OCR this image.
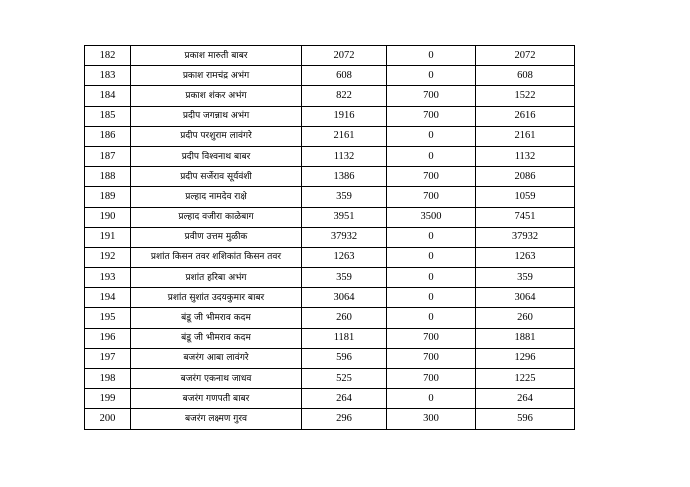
182	प्रकाश मारुती बाबर	2072	0	2072
183	प्रकाश रामचंद्र अभंग	608	0	608
184	प्रकाश शंकर अभंग	822	700	1522
185	प्रदीप जगन्नाथ अभंग	1916	700	2616
186	प्रदीप परशुराम लावंगरे	2161	0	2161
187	प्रदीप विश्वनाथ बाबर	1132	0	1132
188	प्रदीप सर्जेराव सूर्यवंशी	1386	700	2086
189	प्रल्हाद नामदेव राक्षे	359	700	1059
190	प्रल्हाद वजीरा काळेबाग	3951	3500	7451
191	प्रवीण उत्तम मुळीक	37932	0	37932
192	प्रशांत किसन तवर शशिकांत किसन तवर	1263	0	1263
193	प्रशांत हरिबा अभंग	359	0	359
194	प्रशांत सुशांत उदयकुमार बाबर	3064	0	3064
195	बंडू जी भीमराव कदम	260	0	260
196	बंडू जी भीमराव कदम	1181	700	1881
197	बजरंग आबा लावंगरे	596	700	1296
198	बजरंग एकनाथ जाधव	525	700	1225
199	बजरंग गणपती बाबर	264	0	264
200	बजरंग लक्ष्मण गुरव	296	300	596
